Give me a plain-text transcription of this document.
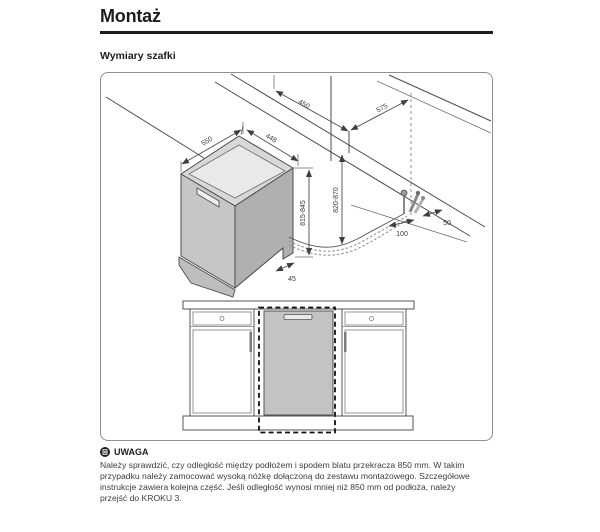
Montaż
Wymiary szafki
550	448
450	575
815-845
820-870
45
100
50
UWAGA
Należy sprawdzić, czy odległość między podłożem i spodem blatu przekracza 850 mm. W takim
przypadku należy zamocować wysoką nóżkę dołączoną do zestawu montażowego. Szczegółowe
instrukcje zawiera kolejna część. Jeśli odległość wynosi mniej niż 850 mm od podłoża, należy
przejść do KROKU 3.
